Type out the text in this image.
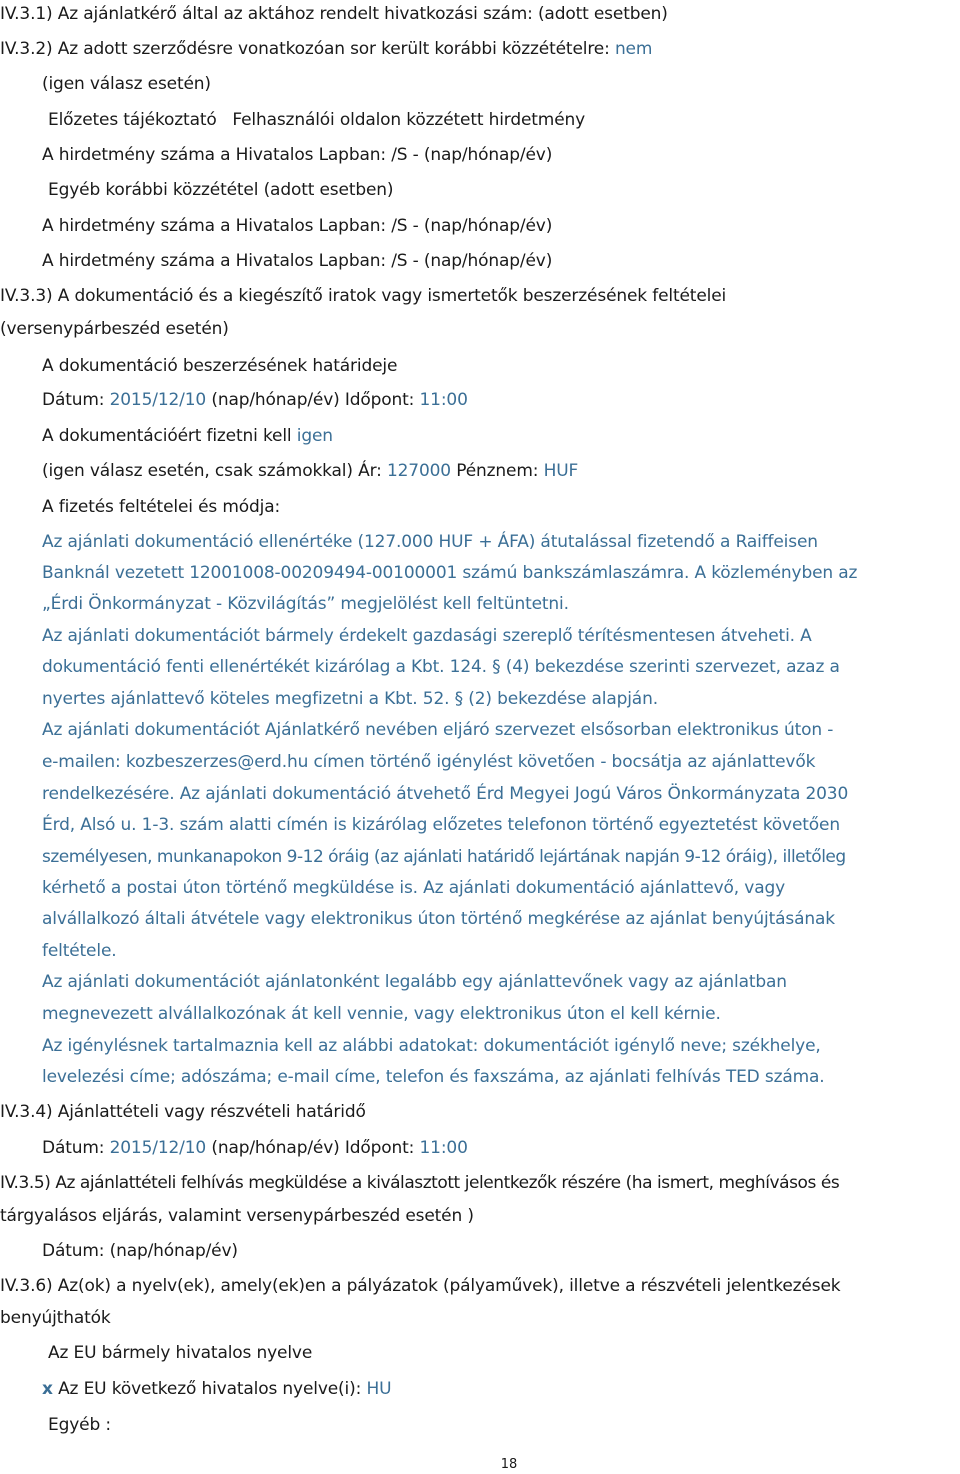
IV.3.1) Az ajánlatkérő által az aktához rendelt hivatkozási szám: (adott esetben)
IV.3.2) Az adott szerződésre vonatkozóan sor került korábbi közzétételre: nem
(igen válasz esetén)
Előzetes tájékoztató   Felhasználói oldalon közzétett hirdetmény
A hirdetmény száma a Hivatalos Lapban: /S - (nap/hónap/év)
Egyéb korábbi közzététel (adott esetben)
A hirdetmény száma a Hivatalos Lapban: /S - (nap/hónap/év)
A hirdetmény száma a Hivatalos Lapban: /S - (nap/hónap/év)
IV.3.3) A dokumentáció és a kiegészítő iratok vagy ismertetők beszerzésének feltételei
(versenypárbeszéd esetén)
A dokumentáció beszerzésének határideje
Dátum: 2015/12/10 (nap/hónap/év) Időpont: 11:00
A dokumentációért fizetni kell igen
(igen válasz esetén, csak számokkal) Ár: 127000 Pénznem: HUF
A fizetés feltételei és módja:
Az ajánlati dokumentáció ellenértéke (127.000 HUF + ÁFA) átutalással fizetendő a Raiffeisen
Banknál vezetett 12001008-00209494-00100001 számú bankszámlaszámra. A közleményben az
„Érdi Önkormányzat - Közvilágítás” megjelölést kell feltüntetni.
Az ajánlati dokumentációt bármely érdekelt gazdasági szereplő térítésmentesen átveheti. A
dokumentáció fenti ellenértékét kizárólag a Kbt. 124. § (4) bekezdése szerinti szervezet, azaz a
nyertes ajánlattevő köteles megfizetni a Kbt. 52. § (2) bekezdése alapján.
Az ajánlati dokumentációt Ajánlatkérő nevében eljáró szervezet elsősorban elektronikus úton -
e-mailen: kozbeszerzes@erd.hu címen történő igénylést követően - bocsátja az ajánlattevők
rendelkezésére. Az ajánlati dokumentáció átvehető Érd Megyei Jogú Város Önkormányzata 2030
Érd, Alsó u. 1-3. szám alatti címén is kizárólag előzetes telefonon történő egyeztetést követően
személyesen, munkanapokon 9-12 óráig (az ajánlati határidő lejártának napján 9-12 óráig), illetőleg
kérhető a postai úton történő megküldése is. Az ajánlati dokumentáció ajánlattevő, vagy
alvállalkozó általi átvétele vagy elektronikus úton történő megkérése az ajánlat benyújtásának
feltétele.
Az ajánlati dokumentációt ajánlatonként legalább egy ajánlattevőnek vagy az ajánlatban
megnevezett alvállalkozónak át kell vennie, vagy elektronikus úton el kell kérnie.
Az igénylésnek tartalmaznia kell az alábbi adatokat: dokumentációt igénylő neve; székhelye,
levelezési címe; adószáma; e-mail címe, telefon és faxszáma, az ajánlati felhívás TED száma.
IV.3.4) Ajánlattételi vagy részvételi határidő
Dátum: 2015/12/10 (nap/hónap/év) Időpont: 11:00
IV.3.5) Az ajánlattételi felhívás megküldése a kiválasztott jelentkezők részére (ha ismert, meghívásos és
tárgyalásos eljárás, valamint versenypárbeszéd esetén )
Dátum: (nap/hónap/év)
IV.3.6) Az(ok) a nyelv(ek), amely(ek)en a pályázatok (pályaművek), illetve a részvételi jelentkezések
benyújthatók
Az EU bármely hivatalos nyelve
x Az EU következő hivatalos nyelve(i): HU
Egyéb :
18
